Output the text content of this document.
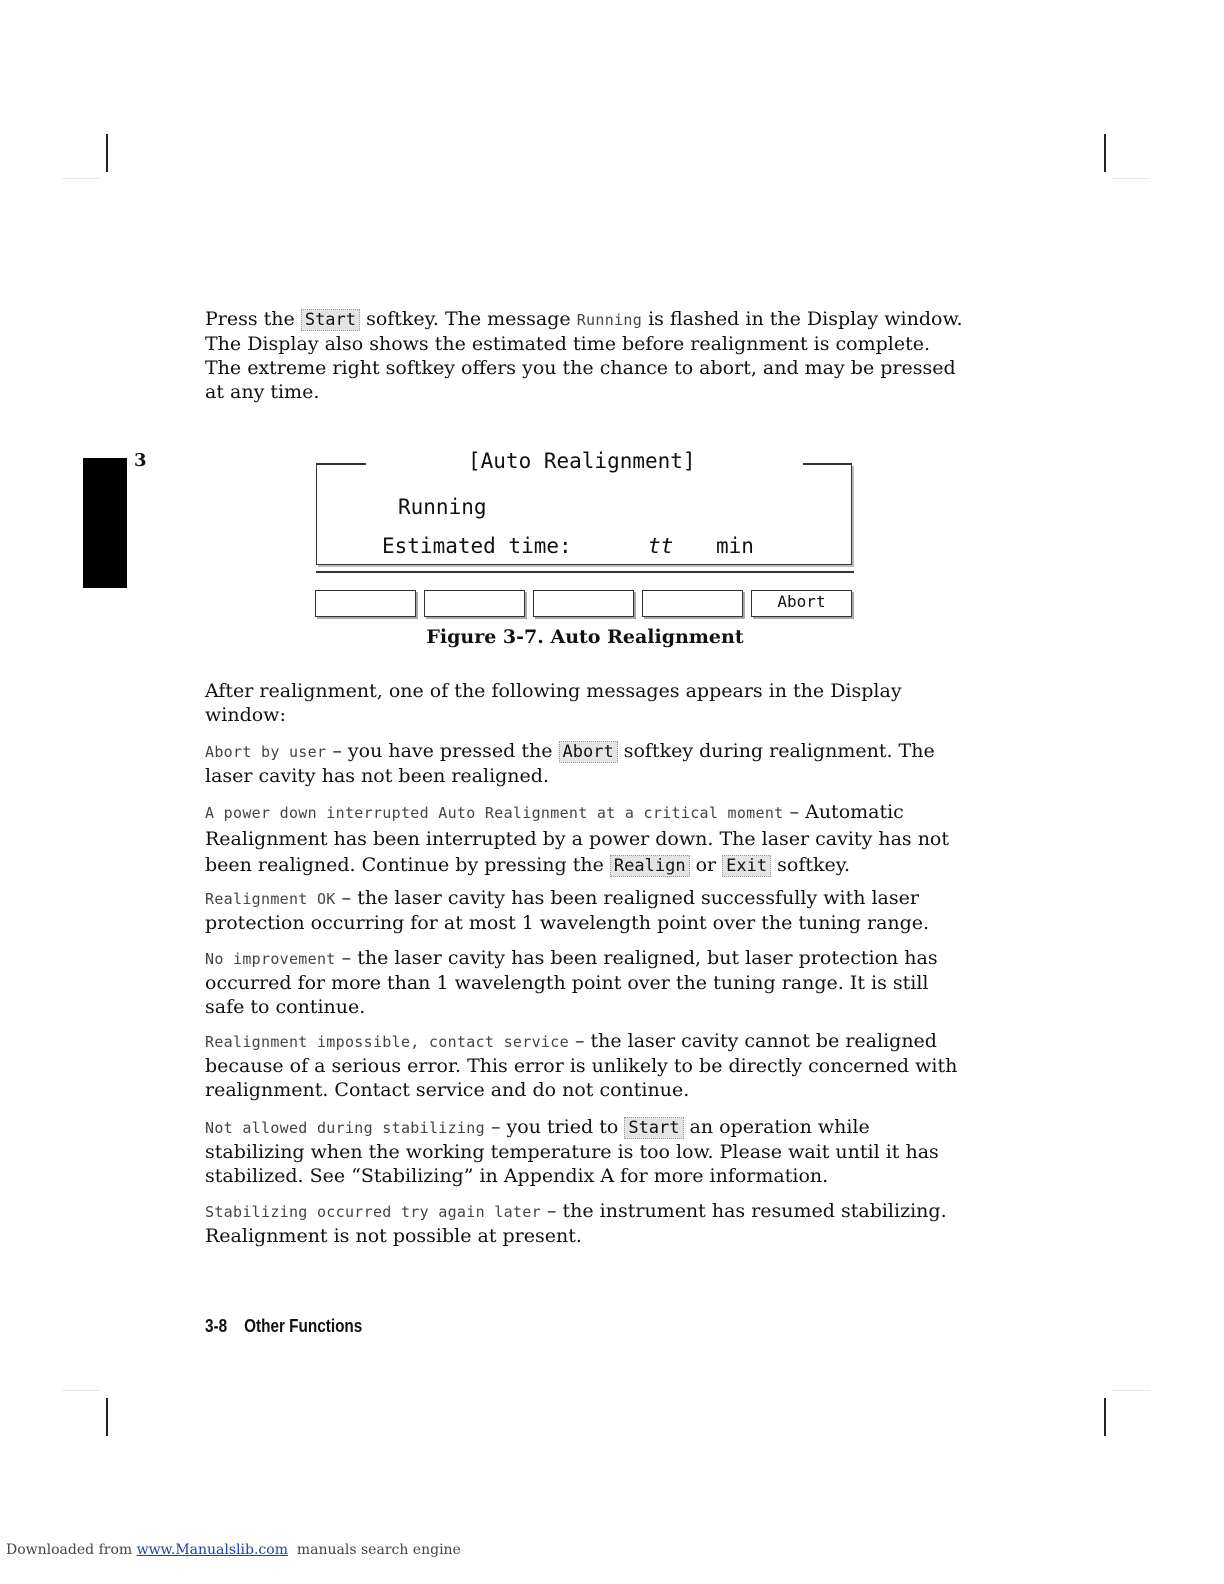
3

Press the Start softkey. The message Running is flashed in the Display window. The Display also shows the estimated time before realignment is complete. The extreme right softkey offers you the chance to abort, and may be pressed at any time.

[Auto Realignment]
Running
Estimated time:	tt min
Abort
Figure 3-7. Auto Realignment

After realignment, one of the following messages appears in the Display window:

Abort by user – you have pressed the Abort softkey during realignment. The laser cavity has not been realigned.

A power down interrupted Auto Realignment at a critical moment – Automatic Realignment has been interrupted by a power down. The laser cavity has not been realigned. Continue by pressing the Realign or Exit softkey.

Realignment OK – the laser cavity has been realigned successfully with laser protection occurring for at most 1 wavelength point over the tuning range.

No improvement – the laser cavity has been realigned, but laser protection has occurred for more than 1 wavelength point over the tuning range. It is still safe to continue.

Realignment impossible, contact service – the laser cavity cannot be realigned because of a serious error. This error is unlikely to be directly concerned with realignment. Contact service and do not continue.

Not allowed during stabilizing – you tried to Start an operation while stabilizing when the working temperature is too low. Please wait until it has stabilized. See “Stabilizing” in Appendix A for more information.

Stabilizing occurred try again later – the instrument has resumed stabilizing. Realignment is not possible at present.

3-8    Other Functions
Downloaded from www.Manualslib.com  manuals search engine
